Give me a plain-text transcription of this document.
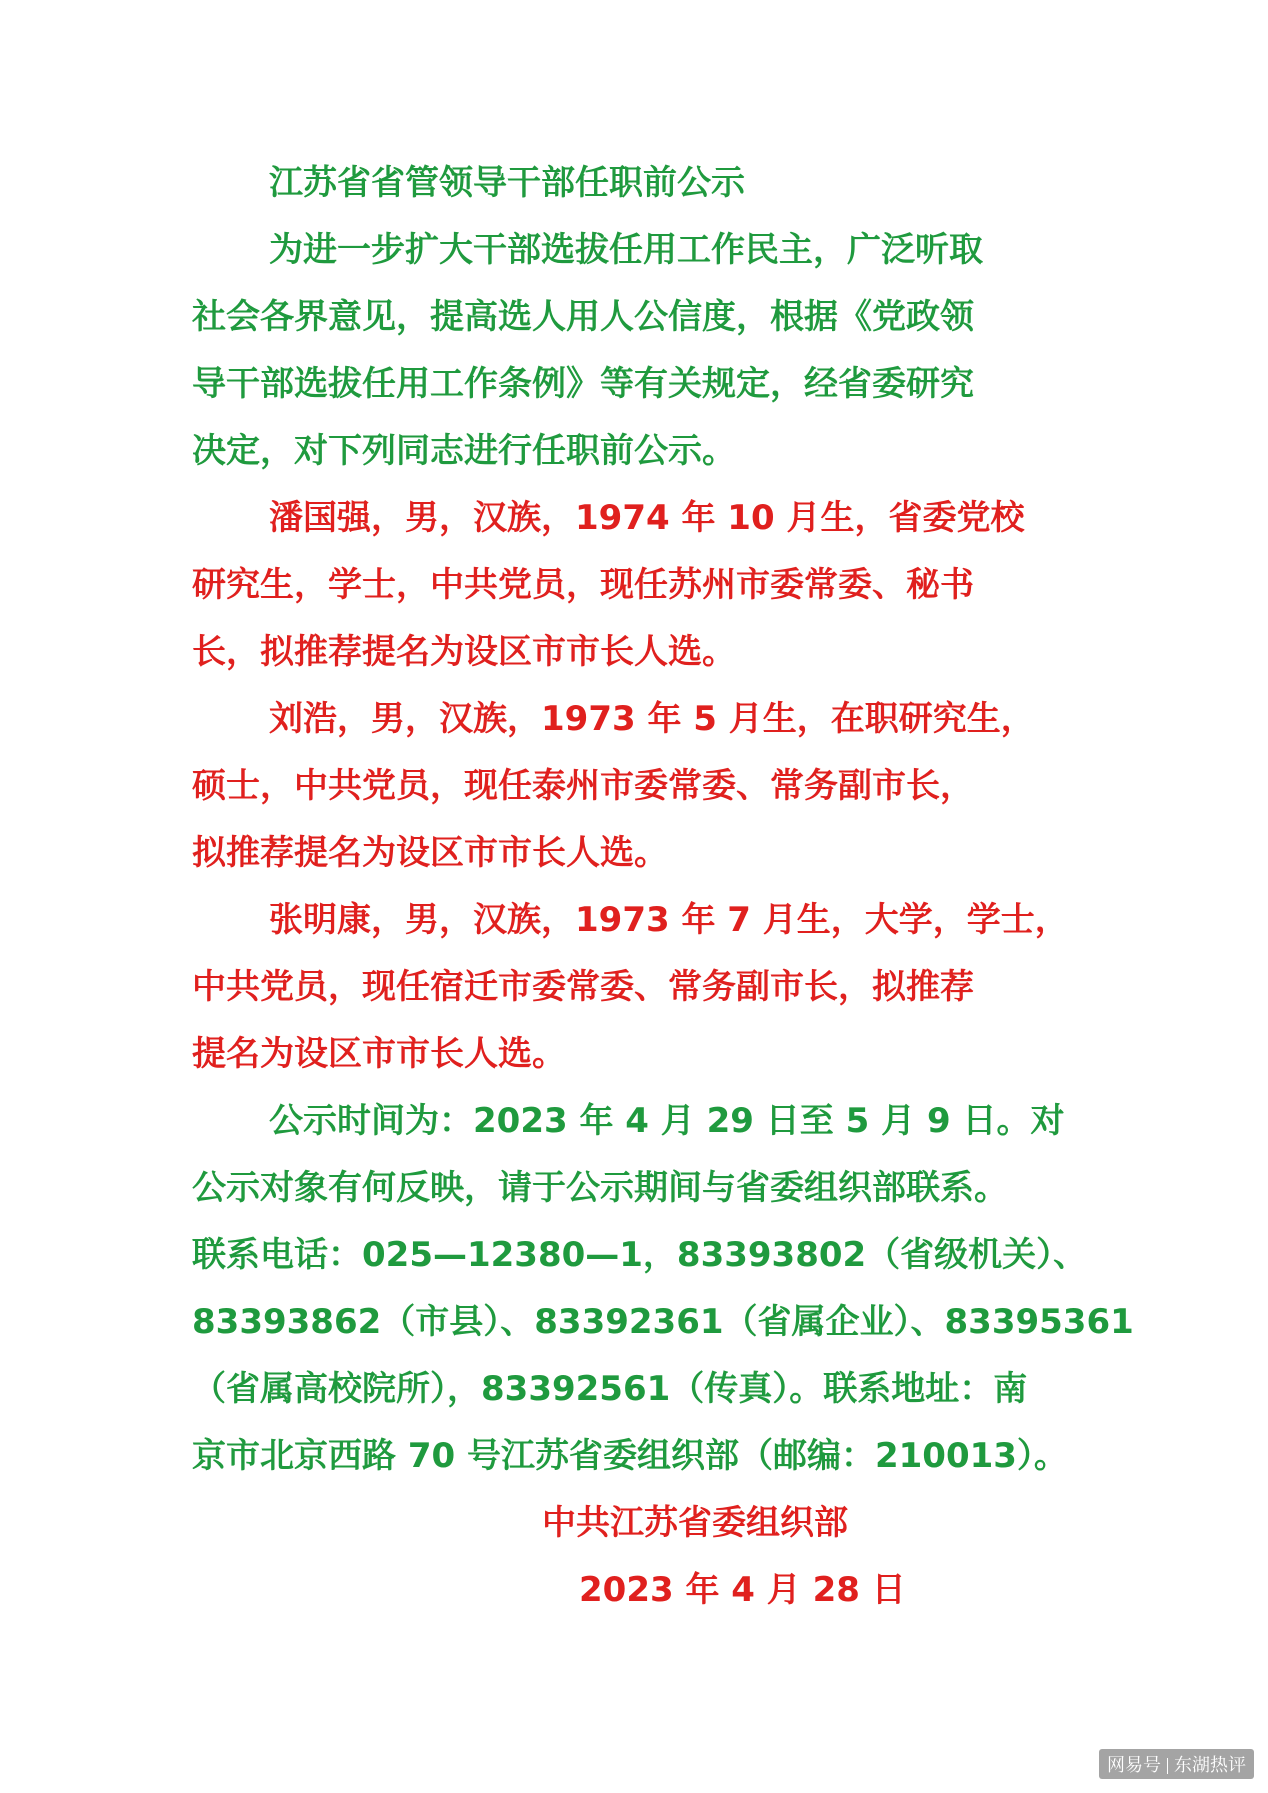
江苏省省管领导干部任职前公示
为进一步扩大干部选拔任用工作民主，广泛听取
社会各界意见，提高选人用人公信度，根据《党政领
导干部选拔任用工作条例》等有关规定，经省委研究
决定，对下列同志进行任职前公示。
潘国强，男，汉族，1974 年 10 月生，省委党校
研究生，学士，中共党员，现任苏州市委常委、秘书
长，拟推荐提名为设区市市长人选。
刘浩，男，汉族，1973 年 5 月生，在职研究生，
硕士，中共党员，现任泰州市委常委、常务副市长，
拟推荐提名为设区市市长人选。
张明康，男，汉族，1973 年 7 月生，大学，学士，
中共党员，现任宿迁市委常委、常务副市长，拟推荐
提名为设区市市长人选。
公示时间为：2023 年 4 月 29 日至 5 月 9 日。对
公示对象有何反映，请于公示期间与省委组织部联系。
联系电话：025—12380—1，83393802（省级机关）、
83393862（市县）、83392361（省属企业）、83395361
（省属高校院所），83392561（传真）。联系地址：南
京市北京西路 70 号江苏省委组织部（邮编：210013）。
中共江苏省委组织部
2023 年 4 月 28 日
网易号 东湖热评
